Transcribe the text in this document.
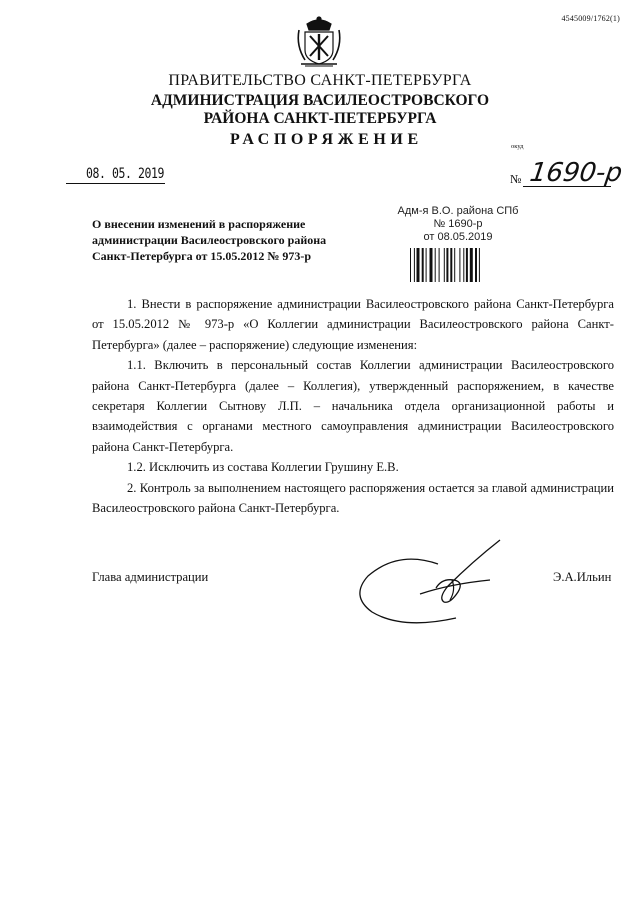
4545009/1762(1)
ПРАВИТЕЛЬСТВО САНКТ-ПЕТЕРБУРГА
АДМИНИСТРАЦИЯ ВАСИЛЕОСТРОВСКОГО
РАЙОНА САНКТ-ПЕТЕРБУРГА
РАСПОРЯЖЕНИЕ	окуд
08. 05. 2019	№ 1690-р
О внесении изменений в распоряжение администрации Василеостровского района Санкт-Петербурга от 15.05.2012 № 973-р
Адм-я В.О. района СПб
№ 1690-р
от 08.05.2019

1. Внести в распоряжение администрации Василеостровского района Санкт-Петербурга от 15.05.2012 № 973-р «О Коллегии администрации Василеостровского района Санкт-Петербурга» (далее – распоряжение) следующие изменения:

1.1. Включить в персональный состав Коллегии администрации Василеостровского района Санкт-Петербурга (далее – Коллегия), утвержденный распоряжением, в качестве секретаря Коллегии Сытнову Л.П. – начальника отдела организационной работы и взаимодействия с органами местного самоуправления администрации Василеостровского района Санкт-Петербурга.

1.2. Исключить из состава Коллегии Грушину Е.В.

2. Контроль за выполнением настоящего распоряжения остается за главой администрации Василеостровского района Санкт-Петербурга.

Глава администрации	Э.А.Ильин
